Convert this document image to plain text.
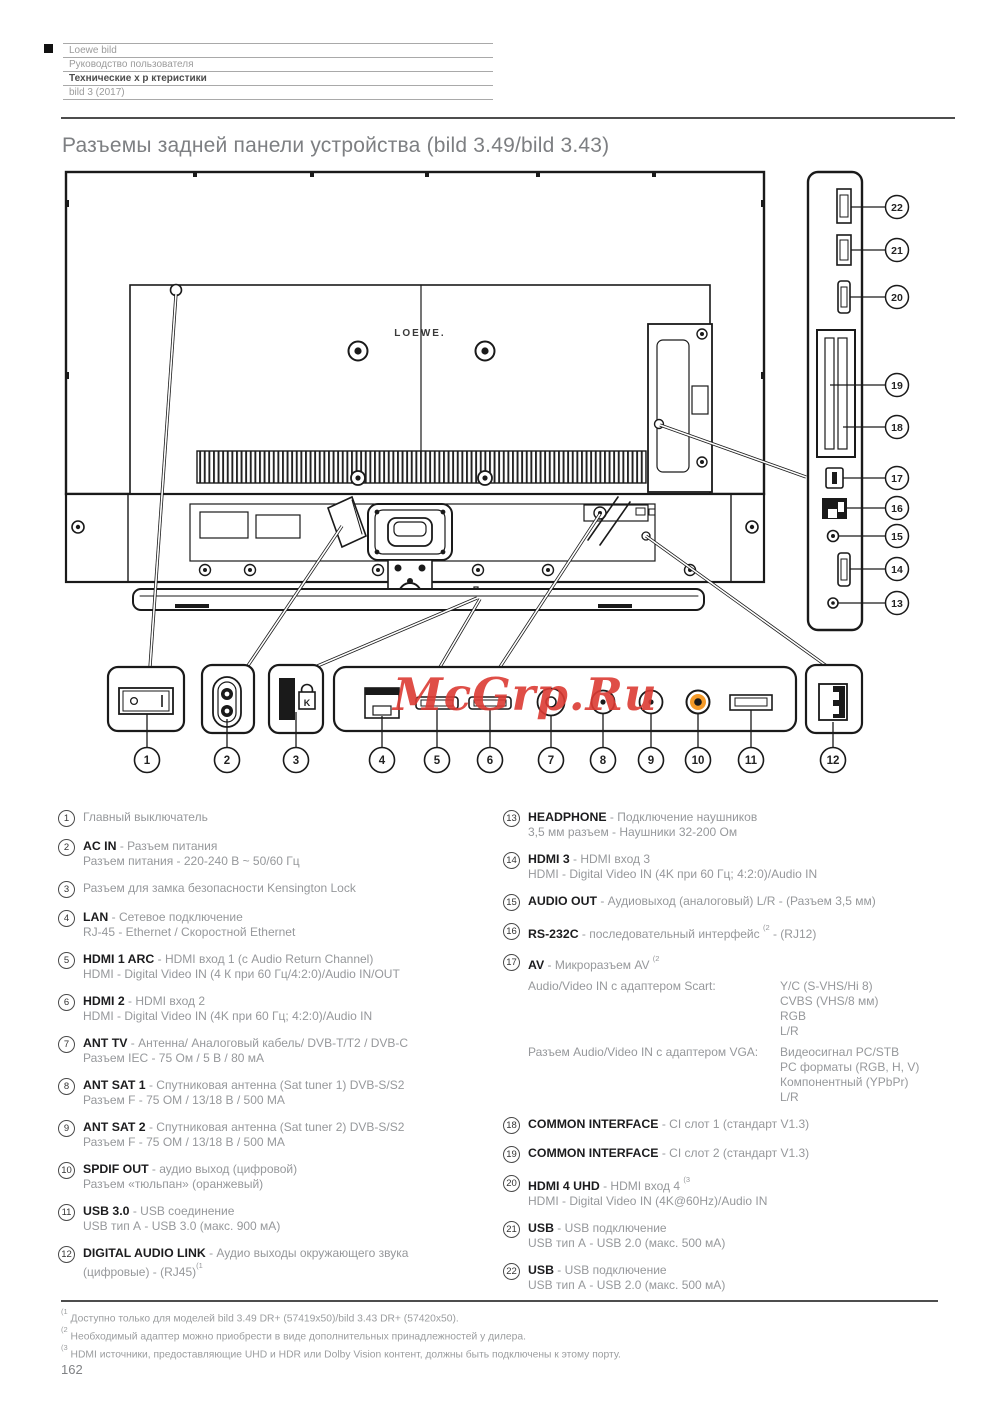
Loewe bild
Руководство пользователя
Технические х р ктеристики
bild 3 (2017)
Разъемы задней панели устройства (bild 3.49/bild 3.43)
K
1	2	3	4	5	6	7	8	9	10	11	12
22
21
20
19
18
17
16
15
14
13
LOEWE.
McGrp.Ru
1	Главный выключатель
2	AC IN - Разъем питания
Разъем питания - 220-240 В ~ 50/60 Гц
3	Разъем для замка безопасности Kensington Lock
4	LAN - Сетевое подключение
RJ-45 - Ethernet / Скоростной Ethernet
5	HDMI 1 ARC - HDMI вход 1 (с Audio Return Channel)
HDMI - Digital Video IN (4 К при 60 Гц/4:2:0)/Audio IN/OUT
6	HDMI 2 - HDMI вход 2
HDMI - Digital Video IN (4K при 60 Гц; 4:2:0)/Audio IN
7	ANT TV - Антенна/ Аналоговый кабель/ DVB-T/T2 / DVB-C
Разъем IEC - 75 Ом / 5 В / 80 мА
8	ANT SAT 1 - Спутниковая антенна (Sat tuner 1) DVB-S/S2
Разъем F - 75 ОМ / 13/18 В / 500 МА
9	ANT SAT 2 - Спутниковая антенна (Sat tuner 2) DVB-S/S2
Разъем F - 75 ОМ / 13/18 В / 500 МА
10 SPDIF OUT - аудио выход (цифровой)
Разъем «тюльпан» (оранжевый)
11 USB 3.0 - USB соединение
USB тип А - USB 3.0 (макс. 900 мА)
12 DIGITAL AUDIO LINK - Аудио выходы окружающего звука
(цифровые) - (RJ45)$^{(1}$
13 HEADPHONE - Подключение наушников
3,5 мм разъем - Наушники 32-200 Ом
14 HDMI 3 - HDMI вход 3
HDMI - Digital Video IN (4K при 60 Гц; 4:2:0)/Audio IN
15 AUDIO OUT - Аудиовыход (аналоговый) L/R - (Разъем 3,5 мм)
16 RS-232C - последовательный интерфейс $^{(2}$ - (RJ12)
17 AV - Микроразъем AV $^{(2}$
Audio/Video IN с адаптером Scart:	Y/C (S-VHS/Hi 8)
CVBS (VHS/8 мм)
RGB
L/R
Разъем Audio/Video IN с адаптером VGA:	Видеосигнал PC/STB
PC форматы (RGB, H, V)
Компонентный (YPbPr)
L/R
18 COMMON INTERFACE - CI слот 1 (стандарт V1.3)
19 COMMON INTERFACE - CI слот 2 (стандарт V1.3)
20 HDMI 4 UHD - HDMI вход 4 $^{(3}$
HDMI - Digital Video IN (4K@60Hz)/Audio IN
21 USB - USB подключение
USB тип А - USB 2.0 (макс. 500 мА)
22 USB - USB подключение
USB тип А - USB 2.0 (макс. 500 мА)
$^{(1}$ Доступно только для моделей bild 3.49 DR+ (57419x50)/bild 3.43 DR+ (57420x50).
$^{(2}$ Необходимый адаптер можно приобрести в виде дополнительных принадлежностей у дилера.
$^{(3}$ HDMI источники, предоставляющие UHD и HDR или Dolby Vision контент, должны быть подключены к этому порту.
162
